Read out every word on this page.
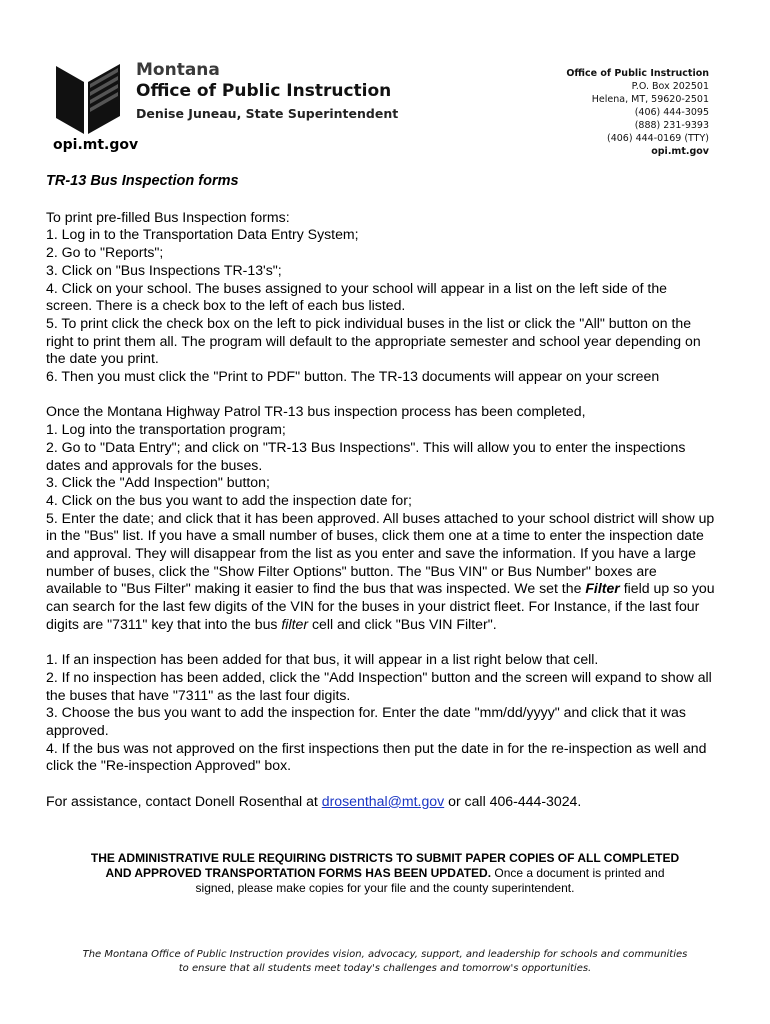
Montana
Office of Public Instruction
Denise Juneau, State Superintendent
opi.mt.gov
Office of Public Instruction
P.O. Box 202501
Helena, MT, 59620-2501
(406) 444-3095
(888) 231-9393
(406) 444-0169 (TTY)
opi.mt.gov
TR-13 Bus Inspection forms

To print pre-filled Bus Inspection forms:

1. Log in to the Transportation Data Entry System;

2. Go to "Reports";

3. Click on "Bus Inspections TR-13's";

4. Click on your school. The buses assigned to your school will appear in a list on the left side of the screen. There is a check box to the left of each bus listed.

5. To print click the check box on the left to pick individual buses in the list or click the "All" button on the right to print them all. The program will default to the appropriate semester and school year depending on the date you print.

6. Then you must click the "Print to PDF" button. The TR-13 documents will appear on your screen

Once the Montana Highway Patrol TR-13 bus inspection process has been completed,

1. Log into the transportation program;

2. Go to "Data Entry"; and click on "TR-13 Bus Inspections". This will allow you to enter the inspections dates and approvals for the buses.

3. Click the "Add Inspection" button;

4. Click on the bus you want to add the inspection date for;

5. Enter the date; and click that it has been approved. All buses attached to your school district will show up in the "Bus" list. If you have a small number of buses, click them one at a time to enter the inspection date and approval. They will disappear from the list as you enter and save the information. If you have a large number of buses, click the "Show Filter Options" button. The "Bus VIN" or Bus Number" boxes are available to "Bus Filter" making it easier to find the bus that was inspected. We set the Filter field up so you can search for the last few digits of the VIN for the buses in your district fleet. For Instance, if the last four digits are "7311" key that into the bus filter cell and click "Bus VIN Filter".

1. If an inspection has been added for that bus, it will appear in a list right below that cell.

2. If no inspection has been added, click the "Add Inspection" button and the screen will expand to show all the buses that have "7311" as the last four digits.

3. Choose the bus you want to add the inspection for. Enter the date "mm/dd/yyyy" and click that it was approved.

4. If the bus was not approved on the first inspections then put the date in for the re-inspection as well and click the "Re-inspection Approved" box.

For assistance, contact Donell Rosenthal at drosenthal@mt.gov or call 406-444-3024.

THE ADMINISTRATIVE RULE REQUIRING DISTRICTS TO SUBMIT PAPER COPIES OF ALL COMPLETED AND APPROVED TRANSPORTATION FORMS HAS BEEN UPDATED. Once a document is printed and signed, please make copies for your file and the county superintendent.
The Montana Office of Public Instruction provides vision, advocacy, support, and leadership for schools and communities
to ensure that all students meet today's challenges and tomorrow's opportunities.
